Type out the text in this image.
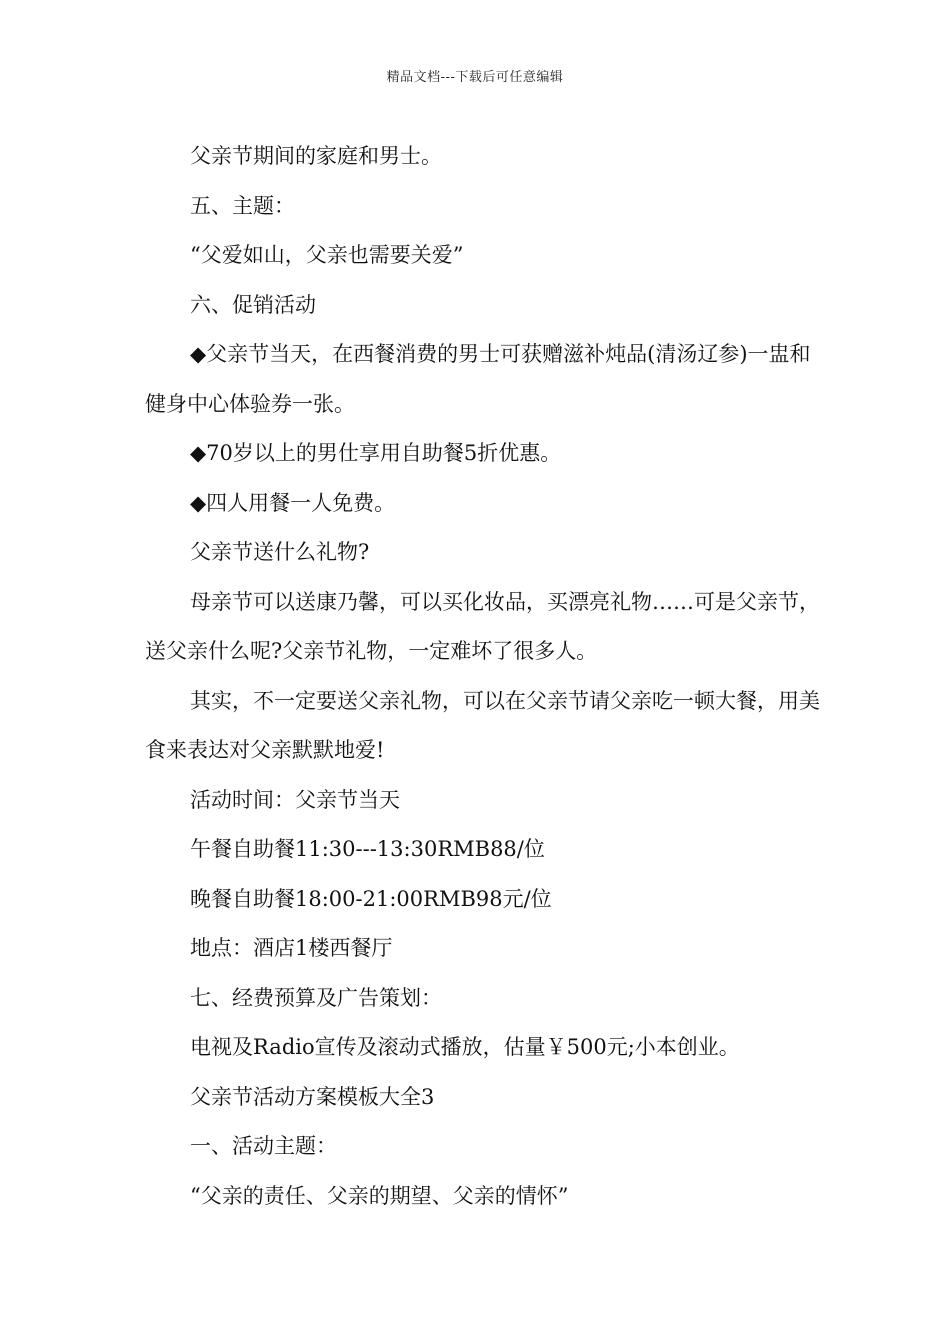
精品文档---下载后可任意编辑

父亲节期间的家庭和男士。

五、主题：

“父爱如山，父亲也需要关爱”

六、促销活动

◆父亲节当天，在西餐消费的男士可获赠滋补炖品(清汤辽参)一盅和健身中心体验券一张。

◆70岁以上的男仕享用自助餐5折优惠。

◆四人用餐一人免费。

父亲节送什么礼物?

母亲节可以送康乃馨，可以买化妆品，买漂亮礼物……可是父亲节，送父亲什么呢?父亲节礼物，一定难坏了很多人。

其实，不一定要送父亲礼物，可以在父亲节请父亲吃一顿大餐，用美食来表达对父亲默默地爱!

活动时间：父亲节当天

午餐自助餐11:30---13:30RMB88/位

晚餐自助餐18:00-21:00RMB98元/位

地点：酒店1楼西餐厅

七、经费预算及广告策划：

电视及Radio宣传及滚动式播放，估量￥500元;小本创业。

父亲节活动方案模板大全3

一、活动主题：

“父亲的责任、父亲的期望、父亲的情怀”
